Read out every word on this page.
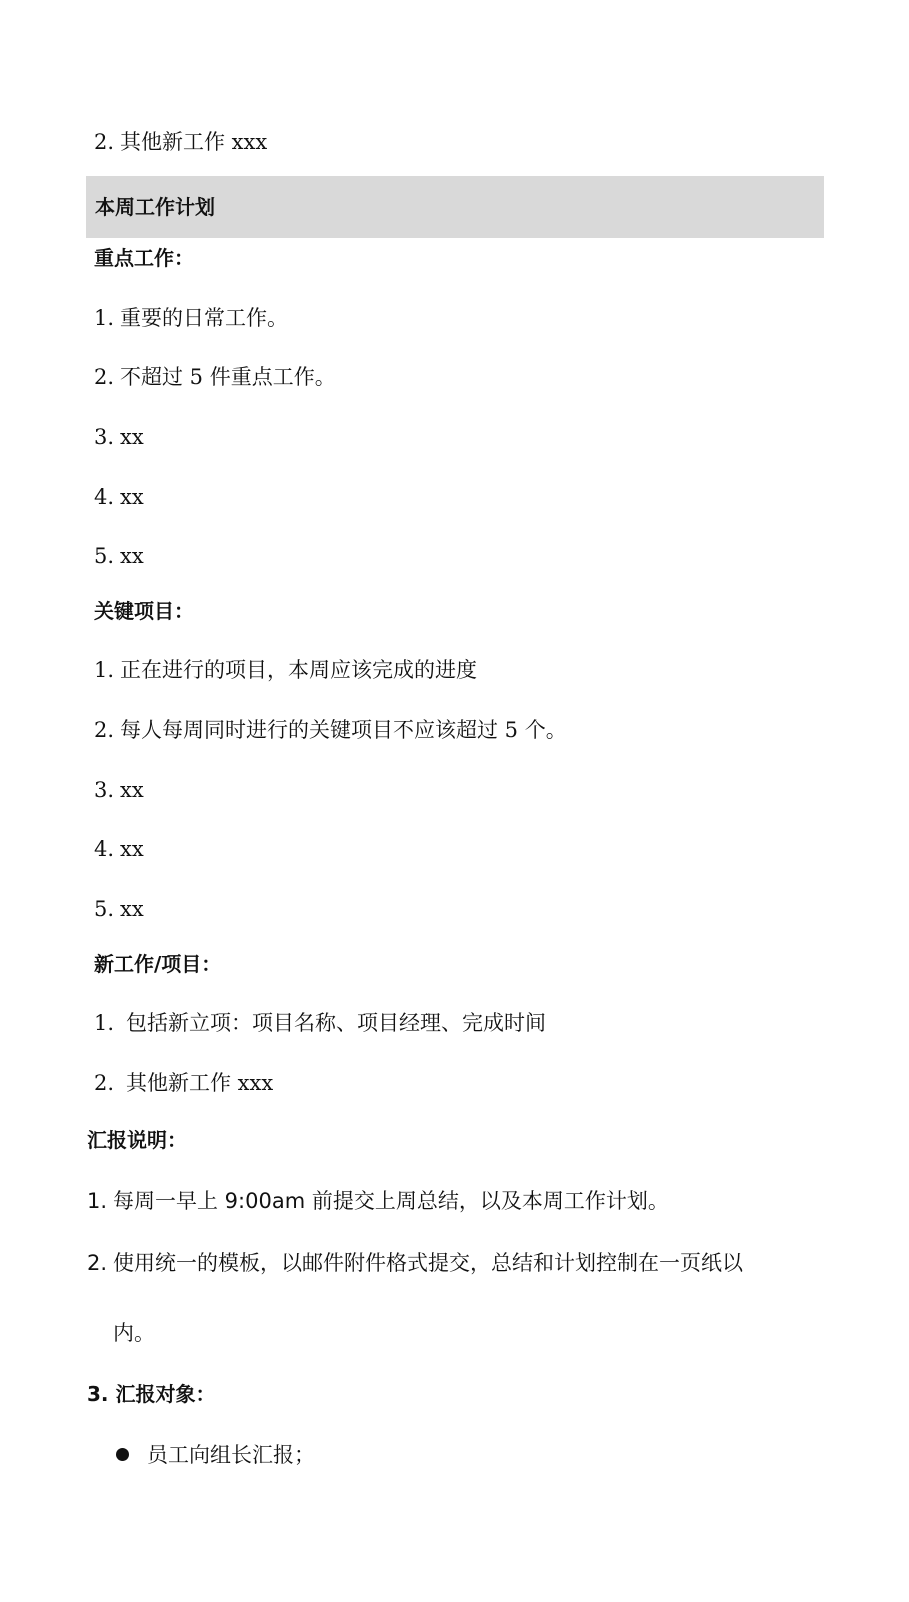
2. 其他新工作 xxx

本周工作计划

重点工作：

1. 重要的日常工作。

2. 不超过 5 件重点工作。

3. xx

4. xx

5. xx

关键项目：

1. 正在进行的项目，本周应该完成的进度

2. 每人每周同时进行的关键项目不应该超过 5 个。

3. xx

4. xx

5. xx

新工作/项目：

1. 包括新立项：项目名称、项目经理、完成时间

2. 其他新工作 xxx

汇报说明：

1. 每周一早上 9:00am 前提交上周总结，以及本周工作计划。

2. 使用统一的模板，以邮件附件格式提交，总结和计划控制在一页纸以

内。

3. 汇报对象：

员工向组长汇报；
